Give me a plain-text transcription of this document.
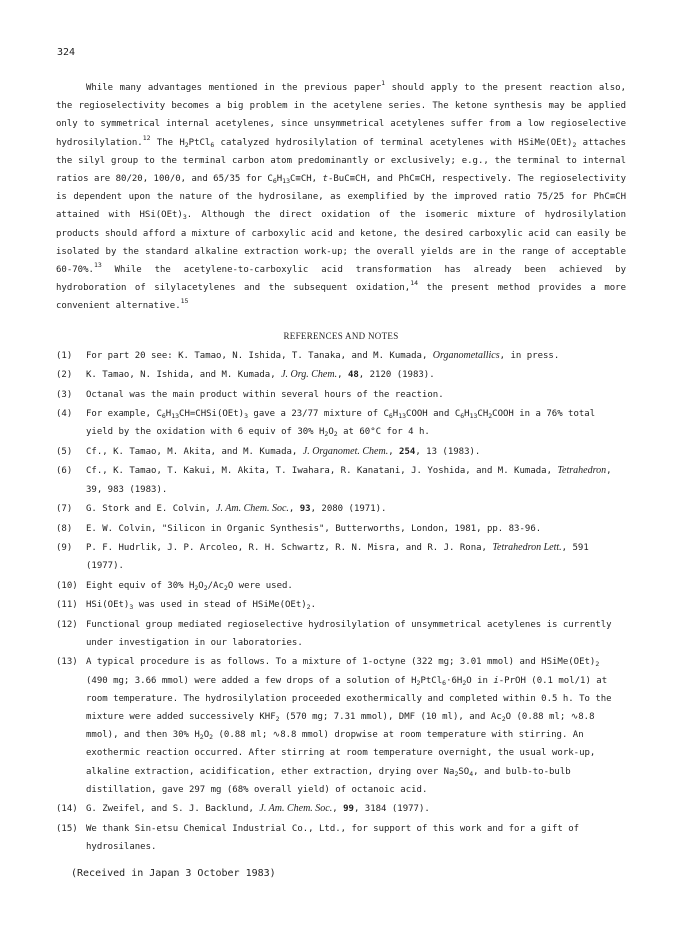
324

While many advantages mentioned in the previous paper$^1$ should apply to the present reaction also, the regioselectivity becomes a big problem in the acetylene series. The ketone synthesis may be applied only to symmetrical internal acetylenes, since unsymmetrical acetylenes suffer from a low regioselective hydrosilylation.$^{12}$ The $H_2PtCl_6$ catalyzed hydrosilylation of terminal acetylenes with $HSiMe(OEt)_2$ attaches the silyl group to the terminal carbon atom predominantly or exclusively; e.g., the terminal to internal ratios are 80/20, 100/0, and 65/35 for $C_6H_{13}C\equiv CH$, t-BuC≡CH, and PhC≡CH, respectively. The regioselectivity is dependent upon the nature of the hydrosilane, as exemplified by the improved ratio 75/25 for PhC≡CH attained with $HSi(OEt)_3$. Although the direct oxidation of the isomeric mixture of hydrosilylation products should afford a mixture of carboxylic acid and ketone, the desired carboxylic acid can easily be isolated by the standard alkaline extraction work-up; the overall yields are in the range of acceptable 60-70%.$^{13}$ While the acetylene-to-carboxylic acid transformation has already been achieved by hydroboration of silylacetylenes and the subsequent oxidation,$^{14}$ the present method provides a more convenient alternative.$^{15}$

REFERENCES AND NOTES
(1)	For part 20 see: K. Tamao, N. Ishida, T. Tanaka, and M. Kumada, Organometallics, in press.
(2)	K. Tamao, N. Ishida, and M. Kumada, J. Org. Chem., 48, 2120 (1983).
(3)	Octanal was the main product within several hours of the reaction.
(4)	For example, $C_6H_{13}CH=CHSi(OEt)_3$ gave a 23/77 mixture of $C_6H_{13}COOH$ and $C_6H_{13}CH_2COOH$ in a 76% total yield by the oxidation with 6 equiv of 30% $H_2O_2$ at 60°C for 4 h.
(5)	Cf., K. Tamao, M. Akita, and M. Kumada, J. Organomet. Chem., 254, 13 (1983).
(6)	Cf., K. Tamao, T. Kakui, M. Akita, T. Iwahara, R. Kanatani, J. Yoshida, and M. Kumada, Tetrahedron, 39, 983 (1983).
(7)	G. Stork and E. Colvin, J. Am. Chem. Soc., 93, 2080 (1971).
(8)	E. W. Colvin, "Silicon in Organic Synthesis", Butterworths, London, 1981, pp. 83-96.
(9)	P. F. Hudrlik, J. P. Arcoleo, R. H. Schwartz, R. N. Misra, and R. J. Rona, Tetrahedron Lett., 591 (1977).
(10) Eight equiv of 30% $H_2O_2/Ac_2O$ were used.
(11) $HSi(OEt)_3$ was used in stead of $HSiMe(OEt)_2$.
(12) Functional group mediated regioselective hydrosilylation of unsymmetrical acetylenes is currently under investigation in our laboratories.
(13) A typical procedure is as follows. To a mixture of 1-octyne (322 mg; 3.01 mmol) and $HSiMe(OEt)_2$ (490 mg; 3.66 mmol) were added a few drops of a solution of $H_2PtCl_6\cdot 6H_2O$ in i-PrOH (0.1 mol/1) at room temperature. The hydrosilylation proceeded exothermically and completed within 0.5 h. To the mixture were added successively $KHF_2$ (570 mg; 7.31 mmol), DMF (10 ml), and $Ac_2O$ (0.88 ml; ∿8.8 mmol), and then 30% $H_2O_2$ (0.88 ml; ∿8.8 mmol) dropwise at room temperature with stirring. An exothermic reaction occurred. After stirring at room temperature overnight, the usual work-up, alkaline extraction, acidification, ether extraction, drying over $Na_2SO_4$, and bulb-to-bulb distillation, gave 297 mg (68% overall yield) of octanoic acid.
(14) G. Zweifel, and S. J. Backlund, J. Am. Chem. Soc., 99, 3184 (1977).
(15) We thank Sin-etsu Chemical Industrial Co., Ltd., for support of this work and for a gift of hydrosilanes.
(Received in Japan 3 October 1983)
